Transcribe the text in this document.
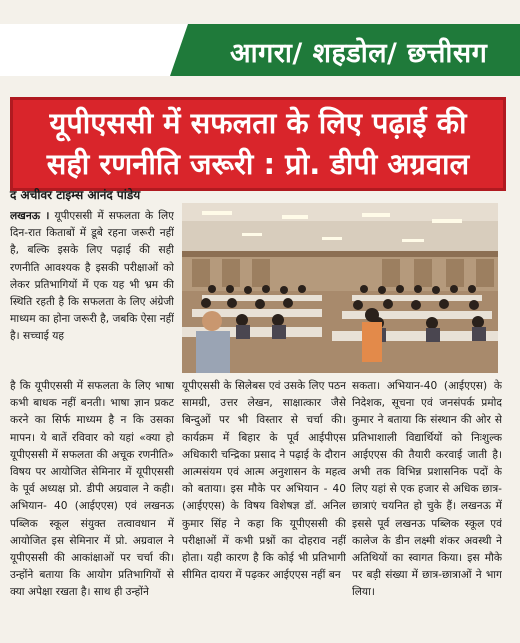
आगरा/ शहडोल/ छत्तीसग
यूपीएससी में सफलता के लिए पढ़ाई की
सही रणनीति जरूरी : प्रो. डीपी अग्रवाल
द अचीवर टाइम्स आनंद पांडेय

लखनऊ । यूपीएससी में सफलता के लिए दिन-रात किताबों में डूबे रहना जरूरी नहीं है, बल्कि इसके लिए पढ़ाई की सही रणनीति आवश्यक है इसकी परीक्षाओं को लेकर प्रतिभागियों में एक यह भी भ्रम की स्थिति रहती है कि सफलता के लिए अंग्रेजी माध्यम का होना जरूरी है, जबकि ऐसा नहीं है। सच्चाई यह

है कि यूपीएससी में सफलता के लिए भाषा कभी बाधक नहीं बनती। भाषा ज्ञान प्रकट करने का सिर्फ माध्यम है न कि उसका मापन। ये बातें रविवार को यहां «क्या हो यूपीएससी में सफलता की अचूक रणनीति» विषय पर आयोजित सेमिनार में यूपीएससी के पूर्व अध्यक्ष प्रो. डीपी अग्रवाल ने कही। अभियान- 40 (आईएएस) एवं लखनऊ पब्लिक स्कूल संयुक्त तत्वावधान में आयोजित इस सेमिनार में प्रो. अग्रवाल ने यूपीएससी की आकांक्षाओं पर चर्चा की। उन्होंने बताया कि आयोग प्रतिभागियों से क्या अपेक्षा रखता है। साथ ही उन्होंने

यूपीएससी के सिलेबस एवं उसके लिए पठन सामग्री, उत्तर लेखन, साक्षात्कार जैसे बिन्दुओं पर भी विस्तार से चर्चा की। कार्यक्रम में बिहार के पूर्व आईपीएस अधिकारी चन्द्रिका प्रसाद ने पढ़ाई के दौरान आत्मसंयम एवं आत्म अनुशासन के महत्व को बताया। इस मौके पर अभियान - 40 (आईएएस) के विषय विशेषज्ञ डॉ. अनिल कुमार सिंह ने कहा कि यूपीएससी की परीक्षाओं में कभी प्रश्नों का दोहराव नहीं होता। यही कारण है कि कोई भी प्रतिभागी सीमित दायरा में पढ़कर आईएएस नहीं बन

सकता। अभियान-40 (आईएएस) के निदेशक, सूचना एवं जनसंपर्क प्रमोद कुमार ने बताया कि संस्थान की ओर से प्रतिभाशाली विद्यार्थियों को निःशुल्क आईएएस की तैयारी करवाई जाती है। अभी तक विभिन्न प्रशासनिक पदों के लिए यहां से एक हजार से अधिक छात्र-छात्राएं चयनित हो चुके हैं। लखनऊ में इससे पूर्व लखनऊ पब्लिक स्कूल एवं कालेज के डीन लक्ष्मी शंकर अवस्थी ने अतिथियों का स्वागत किया। इस मौके पर बड़ी संख्या में छात्र-छात्राओं ने भाग लिया।
